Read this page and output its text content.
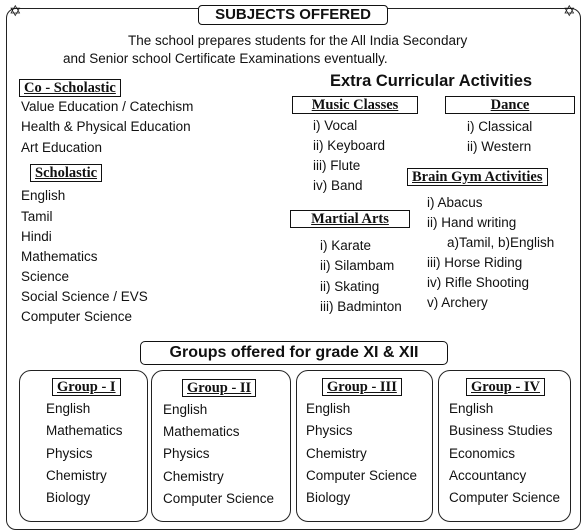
✡	✡
SUBJECTS OFFERED
The school prepares students for the All India Secondary
and Senior school Certificate Examinations eventually.
Co - Scholastic
Value Education / Catechism
Health & Physical Education
Art Education
Scholastic
English
Tamil
Hindi
Mathematics
Science
Social Science / EVS
Computer Science
Extra Curricular Activities
Music Classes
i) Vocal
ii) Keyboard
iii) Flute
iv) Band
Dance
i) Classical
ii) Western
Brain Gym Activities
i) Abacus
ii) Hand writing
a)Tamil, b)English
iii) Horse Riding
iv) Rifle Shooting
v) Archery
Martial Arts
i) Karate
ii) Silambam
ii) Skating
iii) Badminton
Groups offered for grade XI & XII
Group - I
English
Mathematics
Physics
Chemistry
Biology
Group - II
English
Mathematics
Physics
Chemistry
Computer Science
Group - III
English
Physics
Chemistry
Computer Science
Biology
Group - IV
English
Business Studies
Economics
Accountancy
Computer Science
